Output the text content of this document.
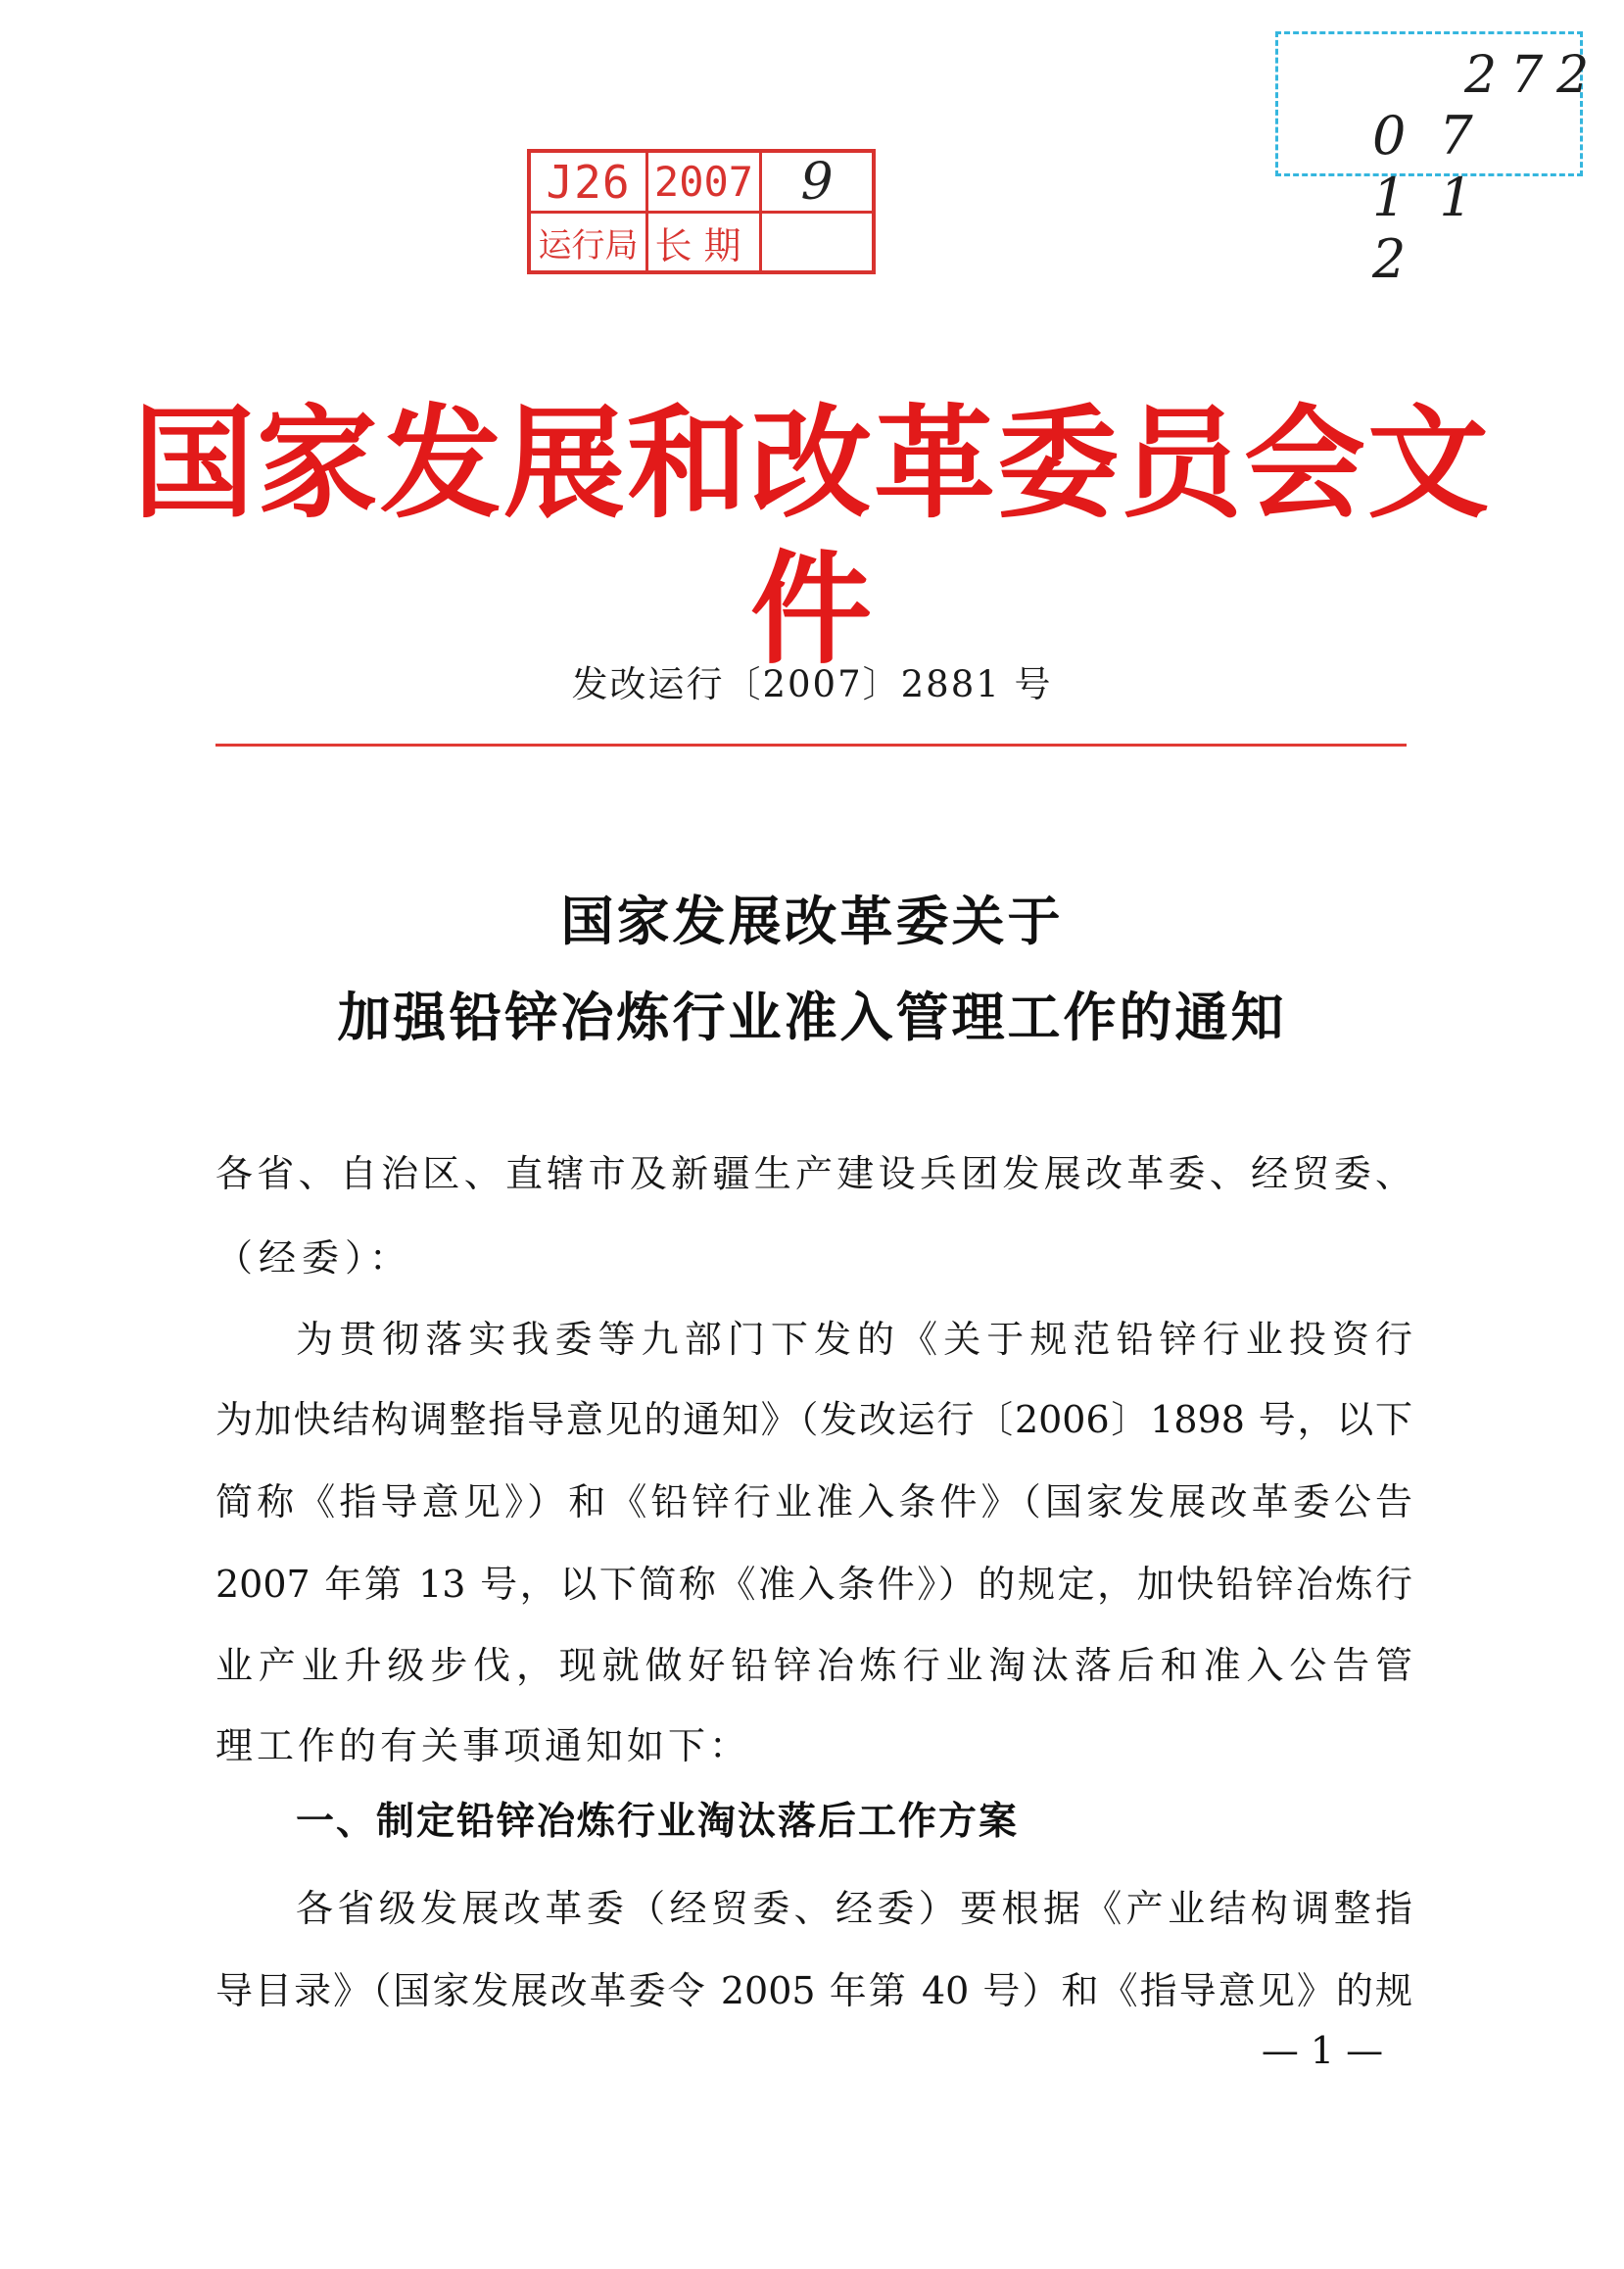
J26 2007 9
运行局 长期
272
07 11 2
国家发展和改革委员会文件
发改运行〔2007〕2881 号
国家发展改革委关于
加强铅锌冶炼行业准入管理工作的通知
各省、自治区、直辖市及新疆生产建设兵团发展改革委、经贸委、
（经委）：
为贯彻落实我委等九部门下发的《关于规范铅锌行业投资行
为加快结构调整指导意见的通知》（发改运行〔2006〕1898 号，以下
简称《指导意见》）和《铅锌行业准入条件》（国家发展改革委公告
2007 年第 13 号，以下简称《准入条件》）的规定，加快铅锌冶炼行
业产业升级步伐，现就做好铅锌冶炼行业淘汰落后和准入公告管
理工作的有关事项通知如下：
一、制定铅锌冶炼行业淘汰落后工作方案
各省级发展改革委（经贸委、经委）要根据《产业结构调整指
导目录》（国家发展改革委令 2005 年第 40 号）和《指导意见》的规
— 1 —
